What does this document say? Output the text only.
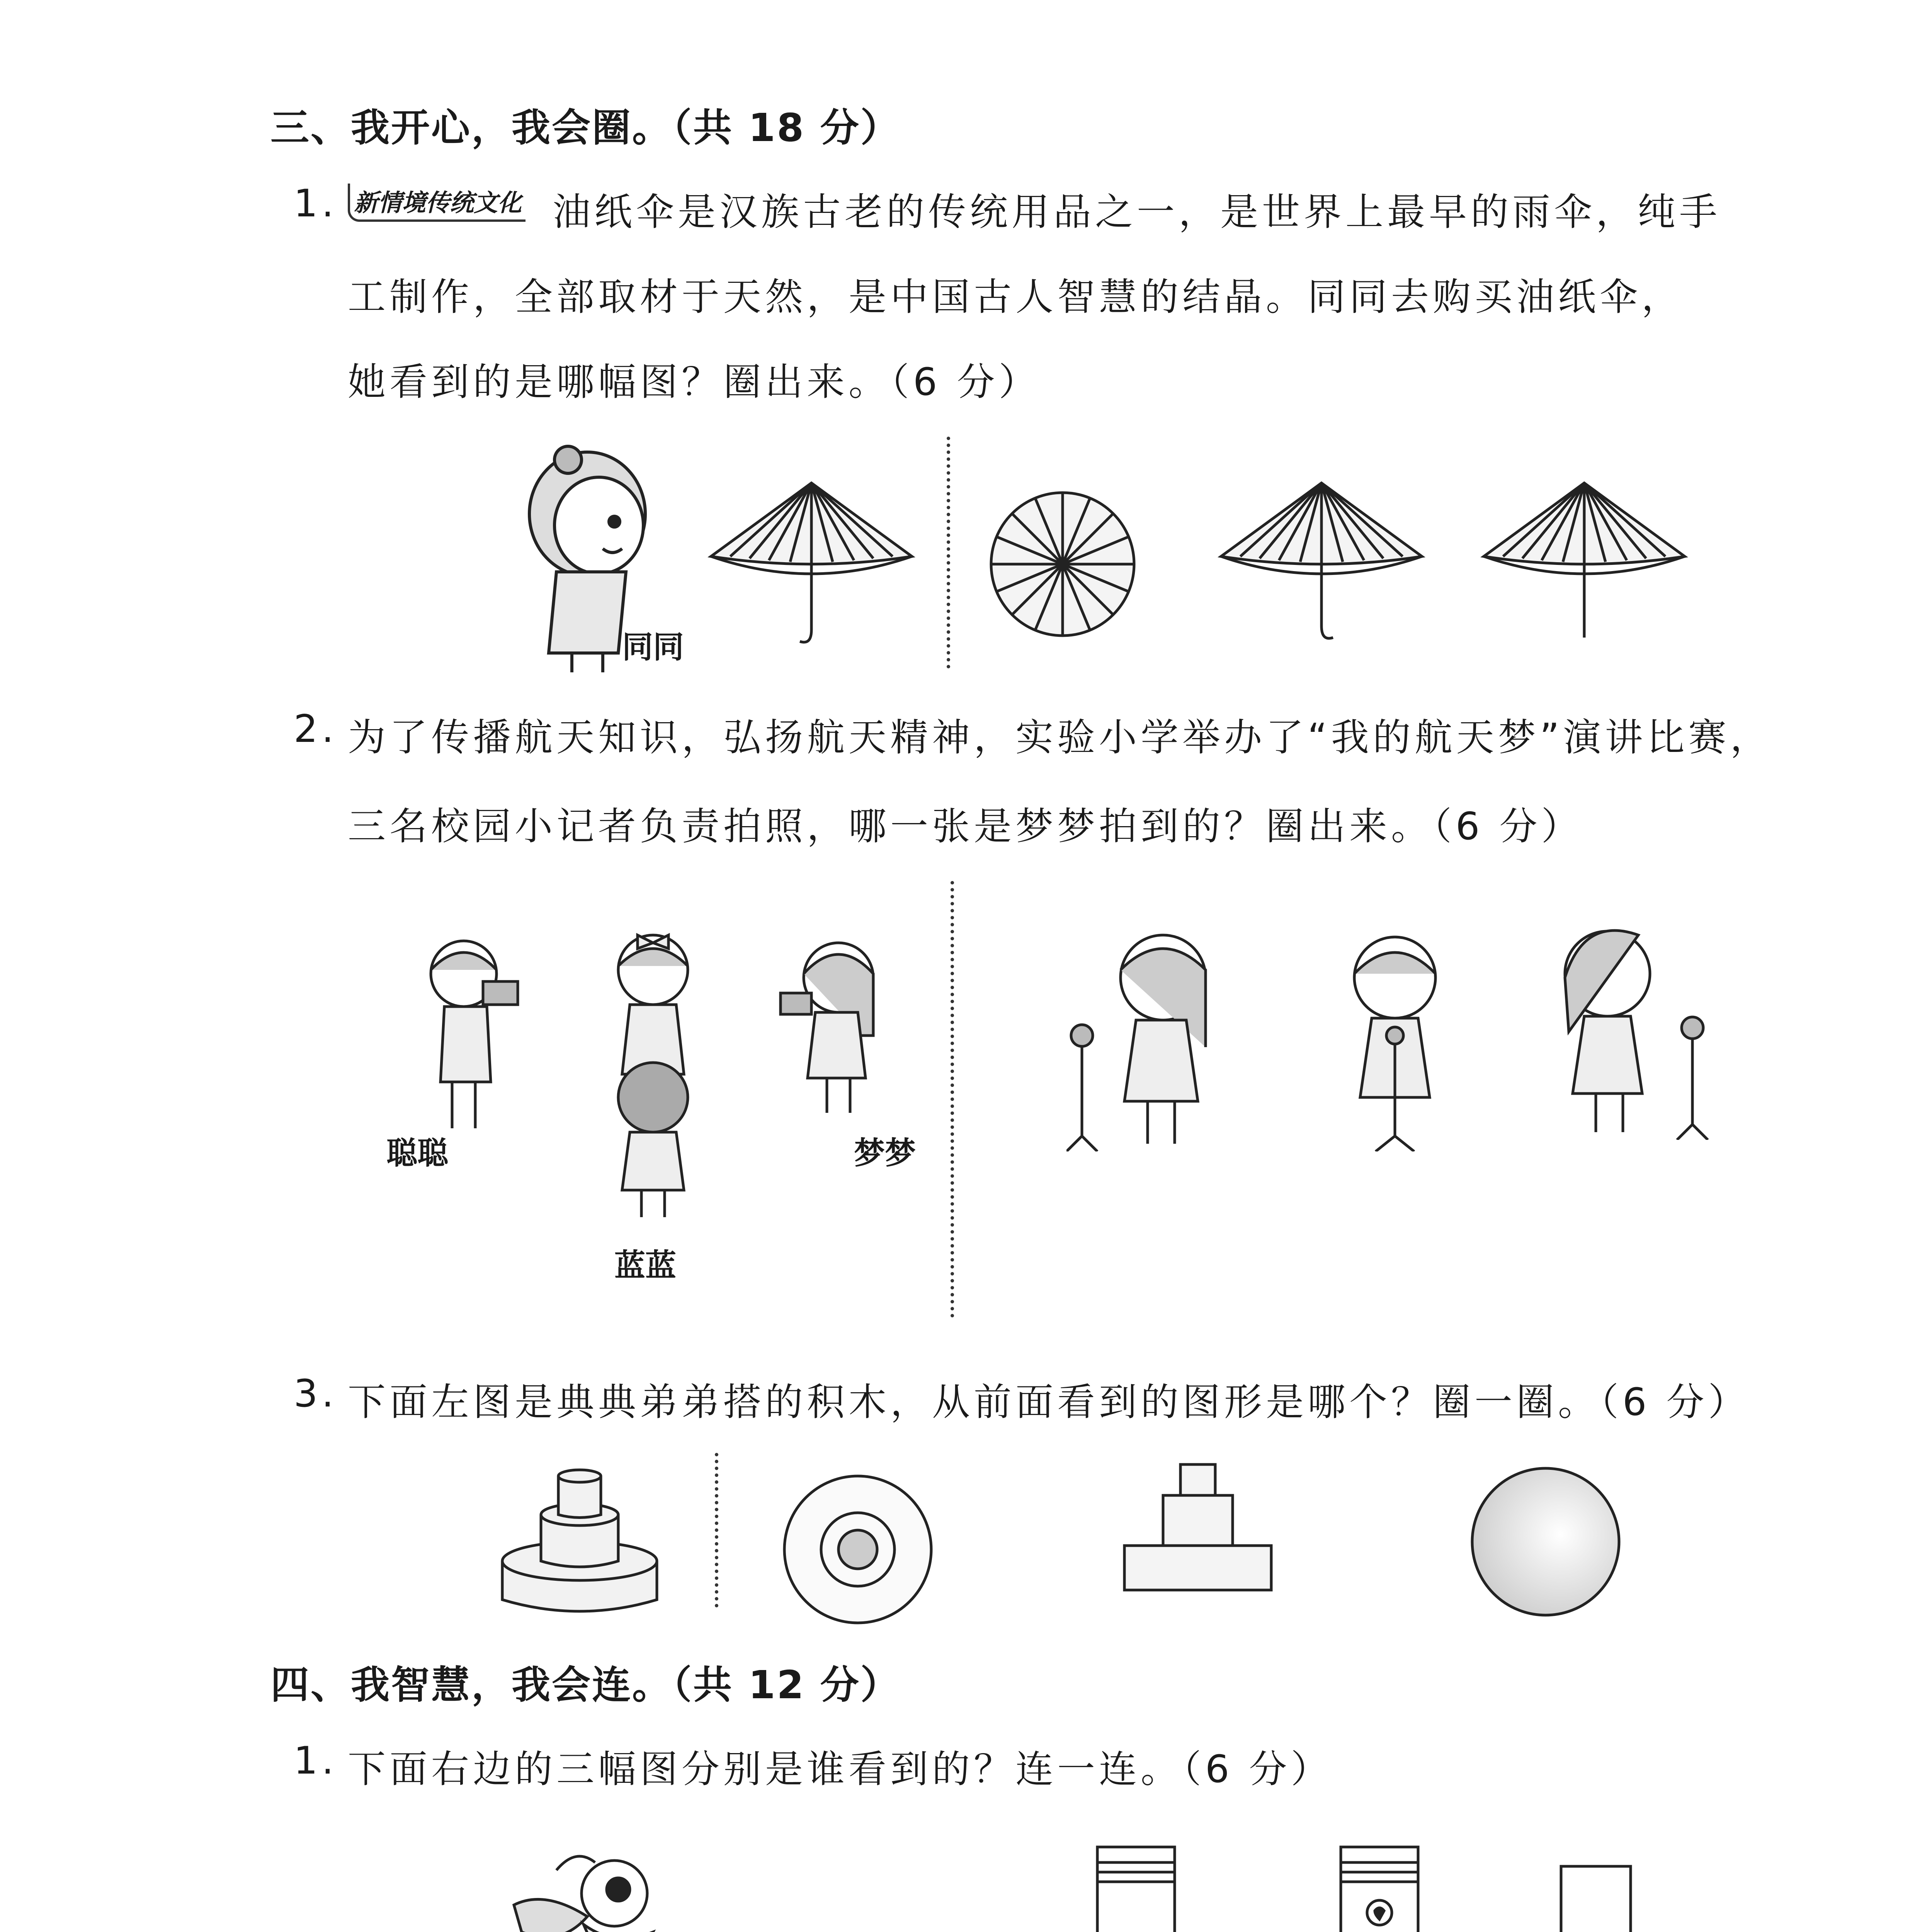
三、我开心，我会圈。（共 18 分）
1. 新情境传统文化 油纸伞是汉族古老的传统用品之一，是世界上最早的雨伞，纯手
工制作，全部取材于天然，是中国古人智慧的结晶。同同去购买油纸伞，
她看到的是哪幅图？圈出来。（6 分）
同同
2. 为了传播航天知识，弘扬航天精神，实验小学举办了“我的航天梦”演讲比赛，
三名校园小记者负责拍照，哪一张是梦梦拍到的？圈出来。（6 分）
聪聪
蓝蓝
梦梦
3. 下面左图是典典弟弟搭的积木，从前面看到的图形是哪个？圈一圈。（6 分）
四、我智慧，我会连。（共 12 分）
1. 下面右边的三幅图分别是谁看到的？连一连。（6 分）
